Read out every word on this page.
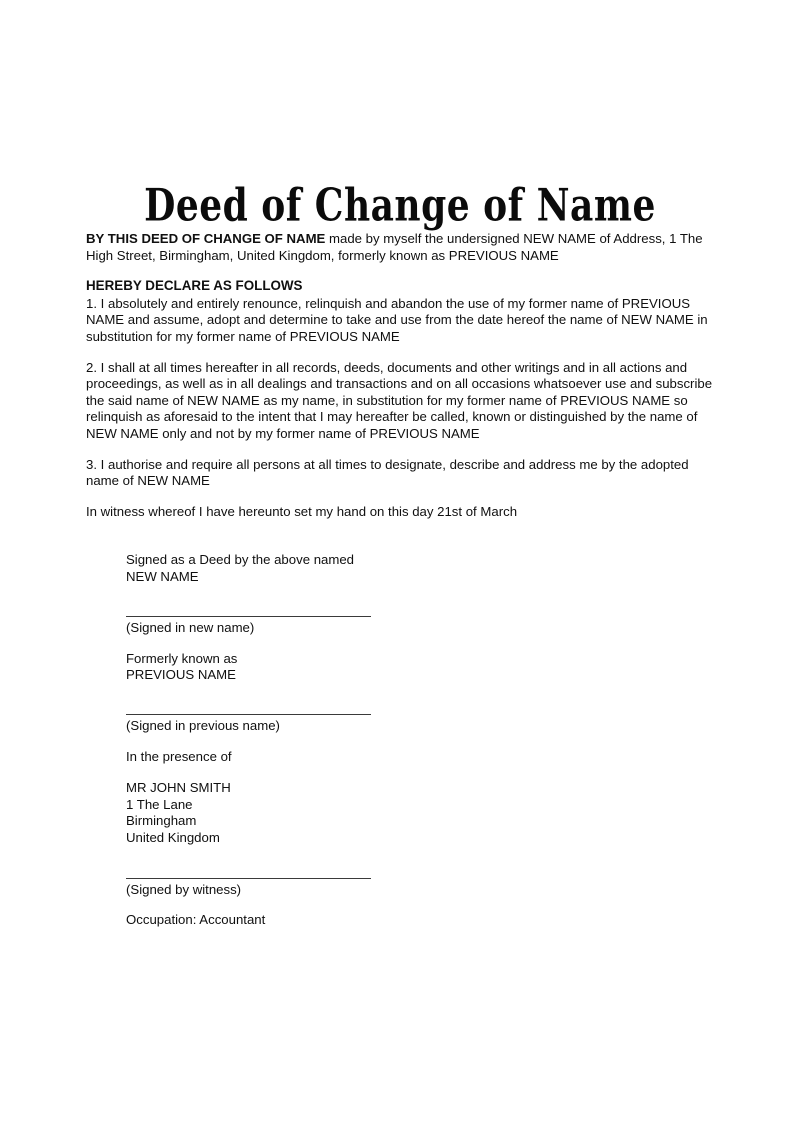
Deed of Change of Name

BY THIS DEED OF CHANGE OF NAME made by myself the undersigned NEW NAME of Address, 1 The High Street, Birmingham, United Kingdom, formerly known as PREVIOUS NAME

HEREBY DECLARE AS FOLLOWS

1. I absolutely and entirely renounce, relinquish and abandon the use of my former name of PREVIOUS NAME and assume, adopt and determine to take and use from the date hereof the name of NEW NAME in substitution for my former name of PREVIOUS NAME

2. I shall at all times hereafter in all records, deeds, documents and other writings and in all actions and proceedings, as well as in all dealings and transactions and on all occasions whatsoever use and subscribe the said name of NEW NAME as my name, in substitution for my former name of PREVIOUS NAME so relinquish as aforesaid to the intent that I may hereafter be called, known or distinguished by the name of NEW NAME only and not by my former name of PREVIOUS NAME

3. I authorise and require all persons at all times to designate, describe and address me by the adopted name of NEW NAME

In witness whereof I have hereunto set my hand on this day 21st of March

Signed as a Deed by the above named

NEW NAME

(Signed in new name)

Formerly known as

PREVIOUS NAME

(Signed in previous name)

In the presence of

MR JOHN SMITH

1 The Lane

Birmingham

United Kingdom

(Signed by witness)

Occupation: Accountant
